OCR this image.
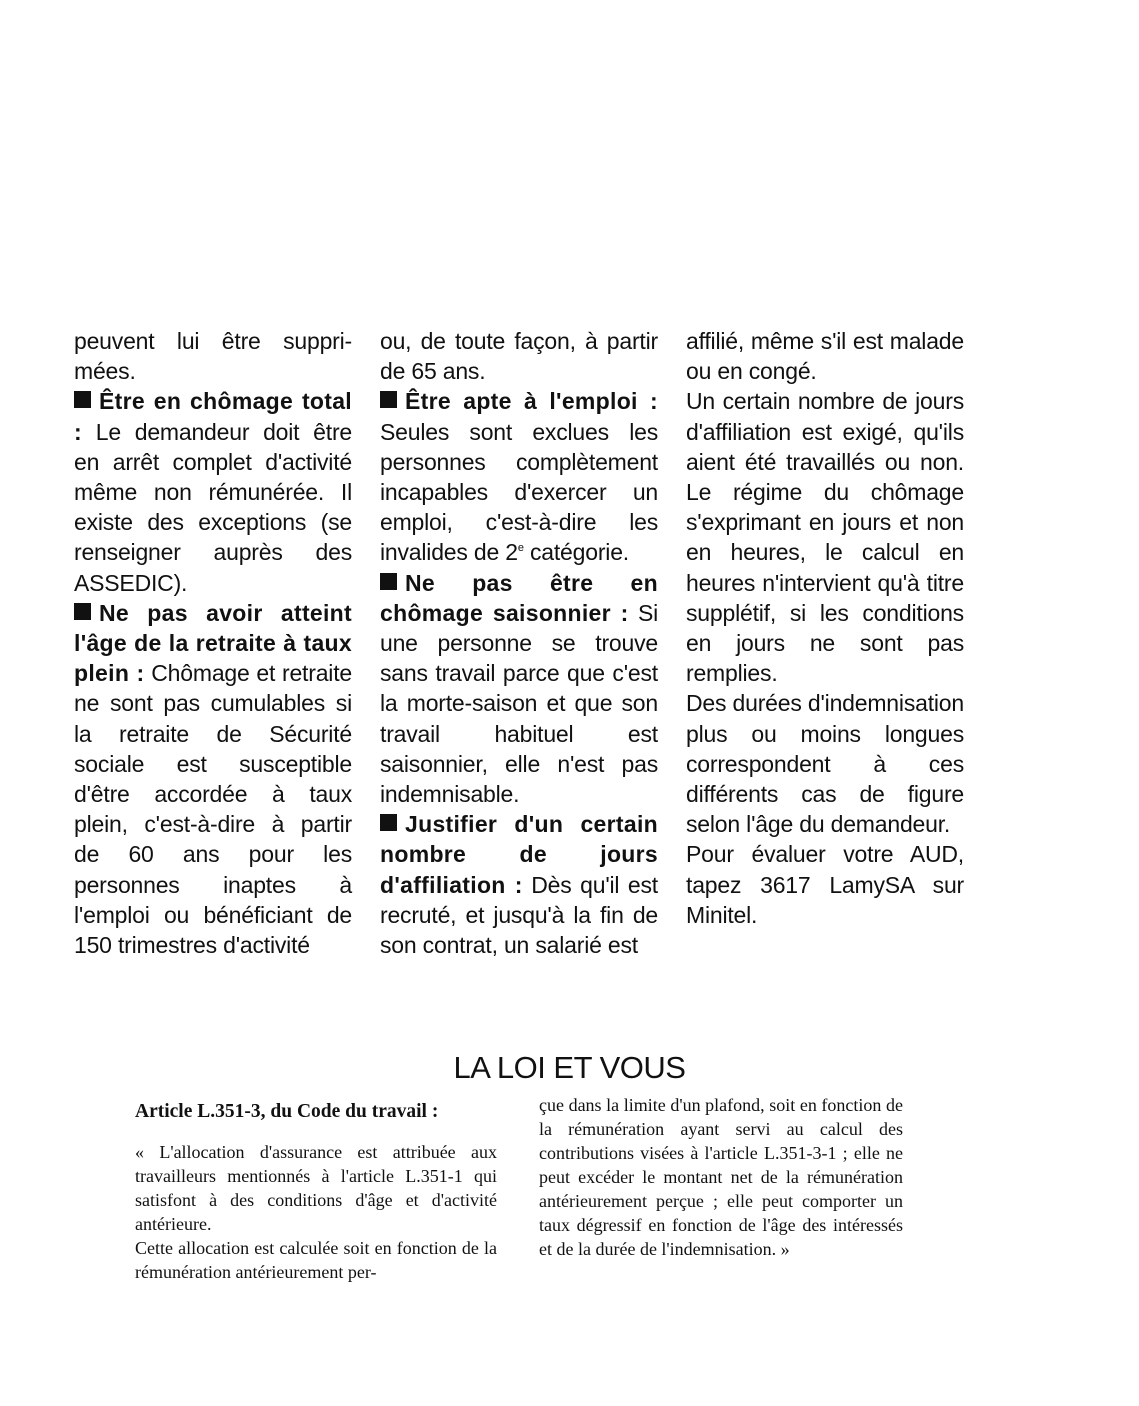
peuvent lui être suppri-mées.

Être en chômage total : Le demandeur doit être en arrêt complet d'activité même non rémunérée. Il existe des exceptions (se renseigner auprès des ASSEDIC).

Ne pas avoir atteint l'âge de la retraite à taux plein : Chômage et retraite ne sont pas cumulables si la retraite de Sécurité sociale est susceptible d'être accordée à taux plein, c'est-à-dire à partir de 60 ans pour les personnes inaptes à l'emploi ou bénéficiant de 150 trimestres d'activité

ou, de toute façon, à partir de 65 ans.

Être apte à l'emploi : Seules sont exclues les personnes complètement incapables d'exercer un emploi, c'est-à-dire les invalides de 2e catégorie.

Ne pas être en chômage saisonnier : Si une personne se trouve sans travail parce que c'est la morte-saison et que son travail habituel est saisonnier, elle n'est pas indemnisable.

Justifier d'un certain nombre de jours d'affiliation : Dès qu'il est recruté, et jusqu'à la fin de son contrat, un salarié est

affilié, même s'il est malade ou en congé.

Un certain nombre de jours d'affiliation est exigé, qu'ils aient été travaillés ou non. Le régime du chômage s'exprimant en jours et non en heures, le calcul en heures n'intervient qu'à titre supplétif, si les conditions en jours ne sont pas remplies.

Des durées d'indemnisation plus ou moins longues correspondent à ces différents cas de figure selon l'âge du demandeur.

Pour évaluer votre AUD, tapez 3617 LamySA sur Minitel.

LA LOI ET VOUS

Article L.351-3, du Code du travail :

« L'allocation d'assurance est attribuée aux travailleurs mentionnés à l'article L.351-1 qui satisfont à des conditions d'âge et d'activité antérieure.

Cette allocation est calculée soit en fonction de la rémunération antérieurement per-

çue dans la limite d'un plafond, soit en fonction de la rémunération ayant servi au calcul des contributions visées à l'article L.351-3-1 ; elle ne peut excéder le montant net de la rémunération antérieurement perçue ; elle peut comporter un taux dégressif en fonction de l'âge des intéressés et de la durée de l'indemnisation. »
